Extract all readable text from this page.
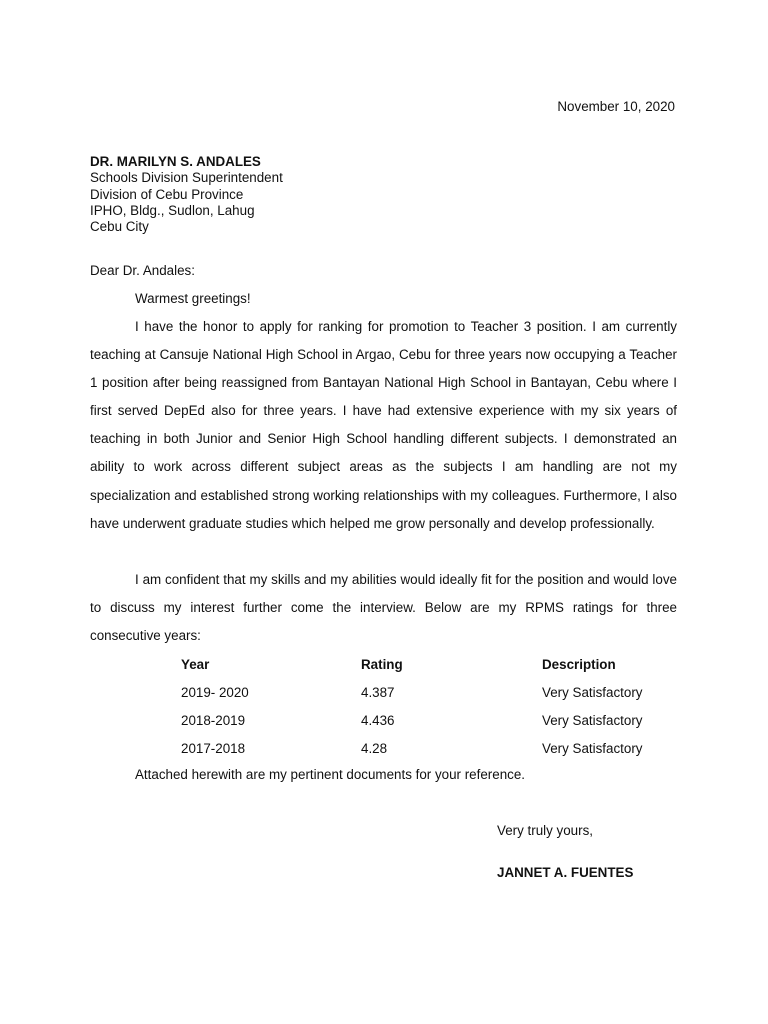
November 10, 2020
DR. MARILYN S. ANDALES
Schools Division Superintendent
Division of Cebu Province
IPHO, Bldg., Sudlon, Lahug
Cebu City
Dear Dr. Andales:
Warmest greetings!

I have the honor to apply for ranking for promotion to Teacher 3 position. I am currently teaching at Cansuje National High School in Argao, Cebu for three years now occupying a Teacher 1 position after being reassigned from Bantayan National High School in Bantayan, Cebu where I first served DepEd also for three years. I have had extensive experience with my six years of teaching in both Junior and Senior High School handling different subjects. I demonstrated an ability to work across different subject areas as the subjects I am handling are not my specialization and established strong working relationships with my colleagues. Furthermore, I also have underwent graduate studies which helped me grow personally and develop professionally.

I am confident that my skills and my abilities would ideally fit for the position and would love to discuss my interest further come the interview. Below are my RPMS ratings for three consecutive years:

Year	Rating	Description
2019- 2020	4.387	Very Satisfactory
2018-2019	4.436	Very Satisfactory
2017-2018	4.28	Very Satisfactory
Attached herewith are my pertinent documents for your reference.
Very truly yours,
JANNET A. FUENTES
